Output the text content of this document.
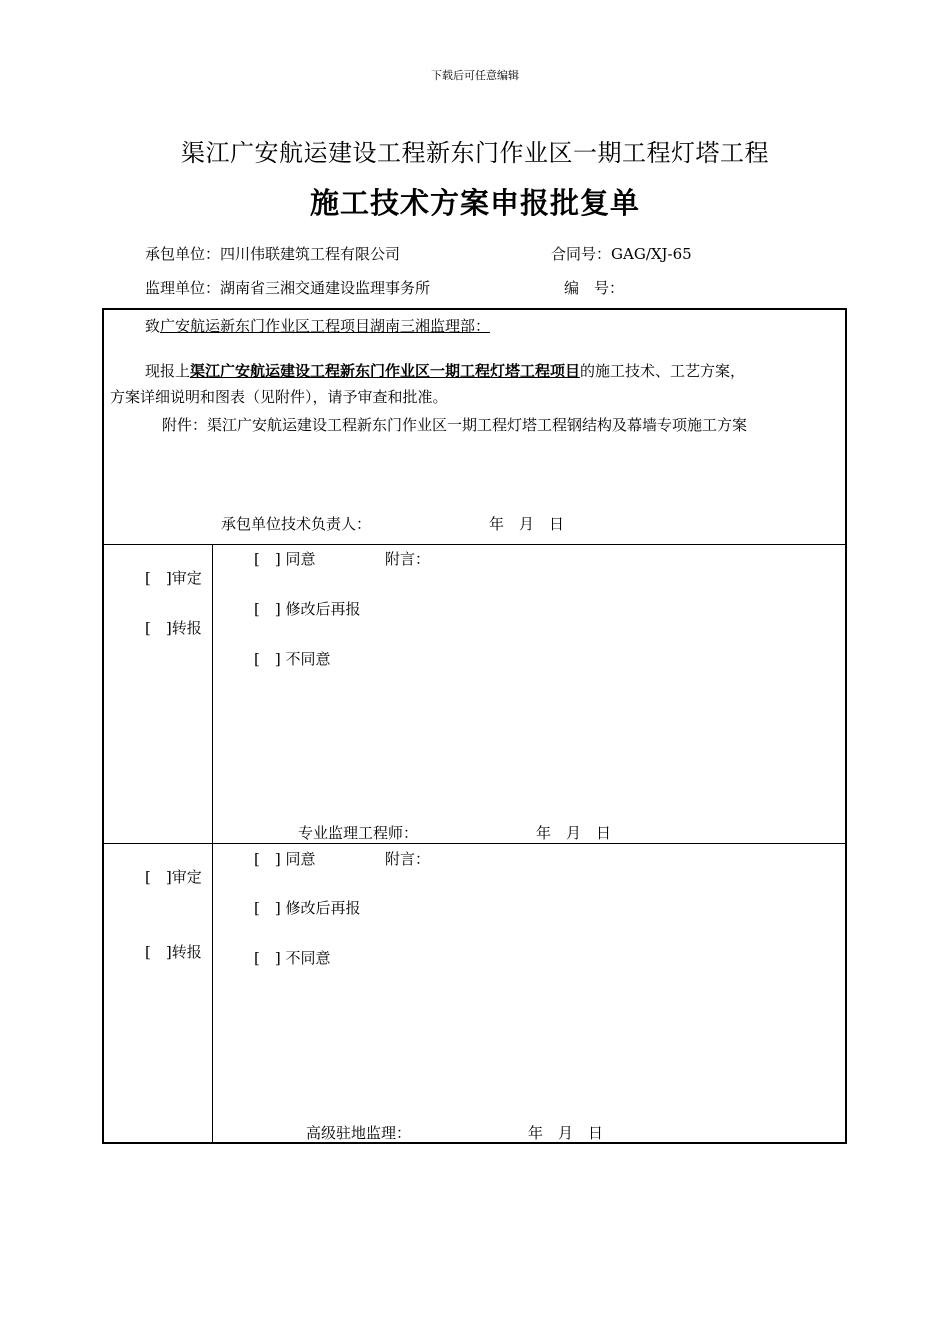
下载后可任意编辑
渠江广安航运建设工程新东门作业区一期工程灯塔工程
施工技术方案申报批复单
承包单位：四川伟联建筑工程有限公司	合同号：GAG/XJ-65
监理单位：湖南省三湘交通建设监理事务所	编　号：
致广安航运新东门作业区工程项目湖南三湘监理部：
现报上渠江广安航运建设工程新东门作业区一期工程灯塔工程项目的施工技术、工艺方案，
方案详细说明和图表（见附件），请予审查和批准。
附件：渠江广安航运建设工程新东门作业区一期工程灯塔工程钢结构及幕墙专项施工方案
承包单位技术负责人：	年　月　日
[　]审定
[　]转报
[　] 同意	附言：
[　] 修改后再报
[　] 不同意
专业监理工程师：	年　月　日
[　]审定
[　]转报
[　] 同意	附言：
[　] 修改后再报
[　] 不同意
高级驻地监理：	年　月　日
